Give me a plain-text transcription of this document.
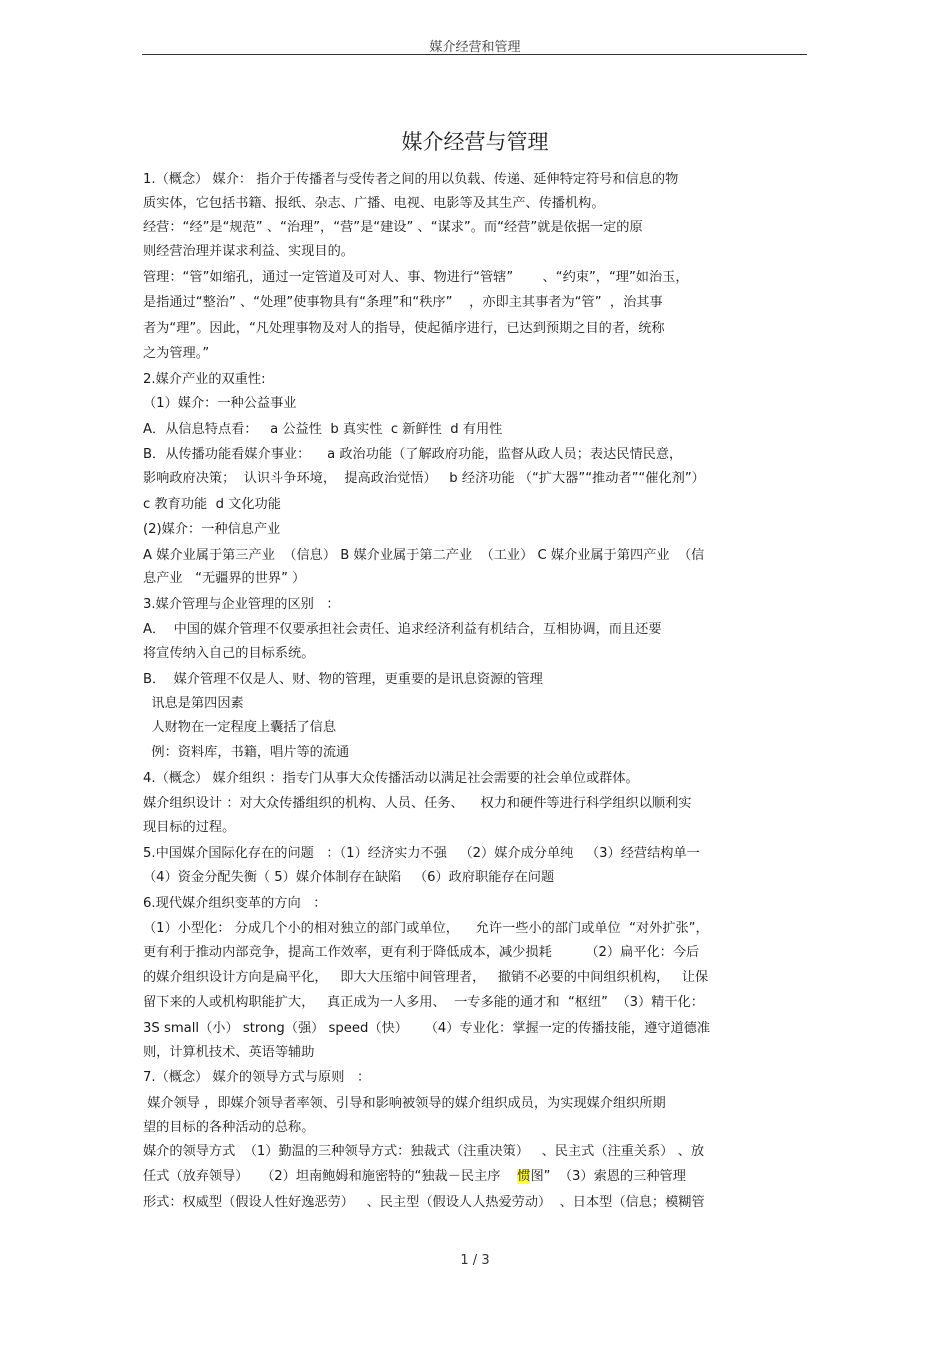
媒介经营和管理
媒介经营与管理
1.（概念） 媒介： 指介于传播者与受传者之间的用以负载、传递、延伸特定符号和信息的物
质实体，它包括书籍、报纸、杂志、广播、电视、电影等及其生产、传播机构。
经营：“经”是“规范” 、“治理”，“营”是“建设” 、“谋求”。而“经营”就是依据一定的原
则经营治理并谋求利益、实现目的。
管理：“管”如缩孔，通过一定管道及可对人、事、物进行“管辖”       、“约束”，“理”如治玉，
是指通过“整治” 、“处理”使事物具有“条理”和“秩序”    ，亦即主其事者为“管”  ，治其事
者为“理”。因此，“凡处理事物及对人的指导，使起循序进行，已达到预期之目的者，统称
之为管理。”
2.媒介产业的双重性:
（1）媒介：一种公益事业
A．从信息特点看：   a 公益性  b 真实性  c 新鲜性  d 有用性
B．从传播功能看媒介事业：    a 政治功能（了解政府功能，监督从政人员；表达民情民意，
影响政府决策；  认识斗争环境，  提高政治觉悟）   b 经济功能 （“扩大器”“推动者”“催化剂”）
c 教育功能  d 文化功能
(2)媒介：一种信息产业
A 媒介业属于第三产业  （信息） B 媒介业属于第二产业  （工业） C 媒介业属于第四产业  （信
息产业   “无疆界的世界” ）
3.媒介管理与企业管理的区别   ：
A．  中国的媒介管理不仅要承担社会责任、追求经济利益有机结合，互相协调，而且还要
将宣传纳入自己的目标系统。
B．  媒介管理不仅是人、财、物的管理，更重要的是讯息资源的管理
讯息是第四因素
人财物在一定程度上囊括了信息
例：资料库，书籍，唱片等的流通
4.（概念） 媒介组织 ：指专门从事大众传播活动以满足社会需要的社会单位或群体。
媒介组织设计 ：对大众传播组织的机构、人员、任务、    权力和硬件等进行科学组织以顺利实
现目标的过程。
5.中国媒介国际化存在的问题   ：（1）经济实力不强   （2）媒介成分单纯   （3）经营结构单一
（4）资金分配失衡（ 5）媒介体制存在缺陷   （6）政府职能存在问题
6.现代媒介组织变革的方向   ：
（1）小型化： 分成几个小的相对独立的部门或单位，    允许一些小的部门或单位  “对外扩张”，
更有利于推动内部竞争，提高工作效率，更有利于降低成本，减少损耗        （2）扁平化：今后
的媒介组织设计方向是扁平化，   即大大压缩中间管理者，   撤销不必要的中间组织机构，   让保
留下来的人或机构职能扩大，   真正成为一人多用、  一专多能的通才和  “枢纽”  （3）精干化：
3S small（小） strong（强） speed（快）    （4）专业化：掌握一定的传播技能，遵守道德准
则，计算机技术、英语等辅助
7.（概念） 媒介的领导方式与原则   ：
媒介领导 ，即媒介领导者率领、引导和影响被领导的媒介组织成员，为实现媒介组织所期
望的目标的各种活动的总称。
媒介的领导方式  （1）勤温的三种领导方式：独裁式（注重决策）   、民主式（注重关系） 、放
任式（放弃领导）   （2）坦南鲍姆和施密特的“独裁－民主序    惯图”  （3）索恩的三种管理
形式：权威型（假设人性好逸恶劳）   、民主型（假设人人热爱劳动）  、日本型（信息；模糊管
1 / 3
